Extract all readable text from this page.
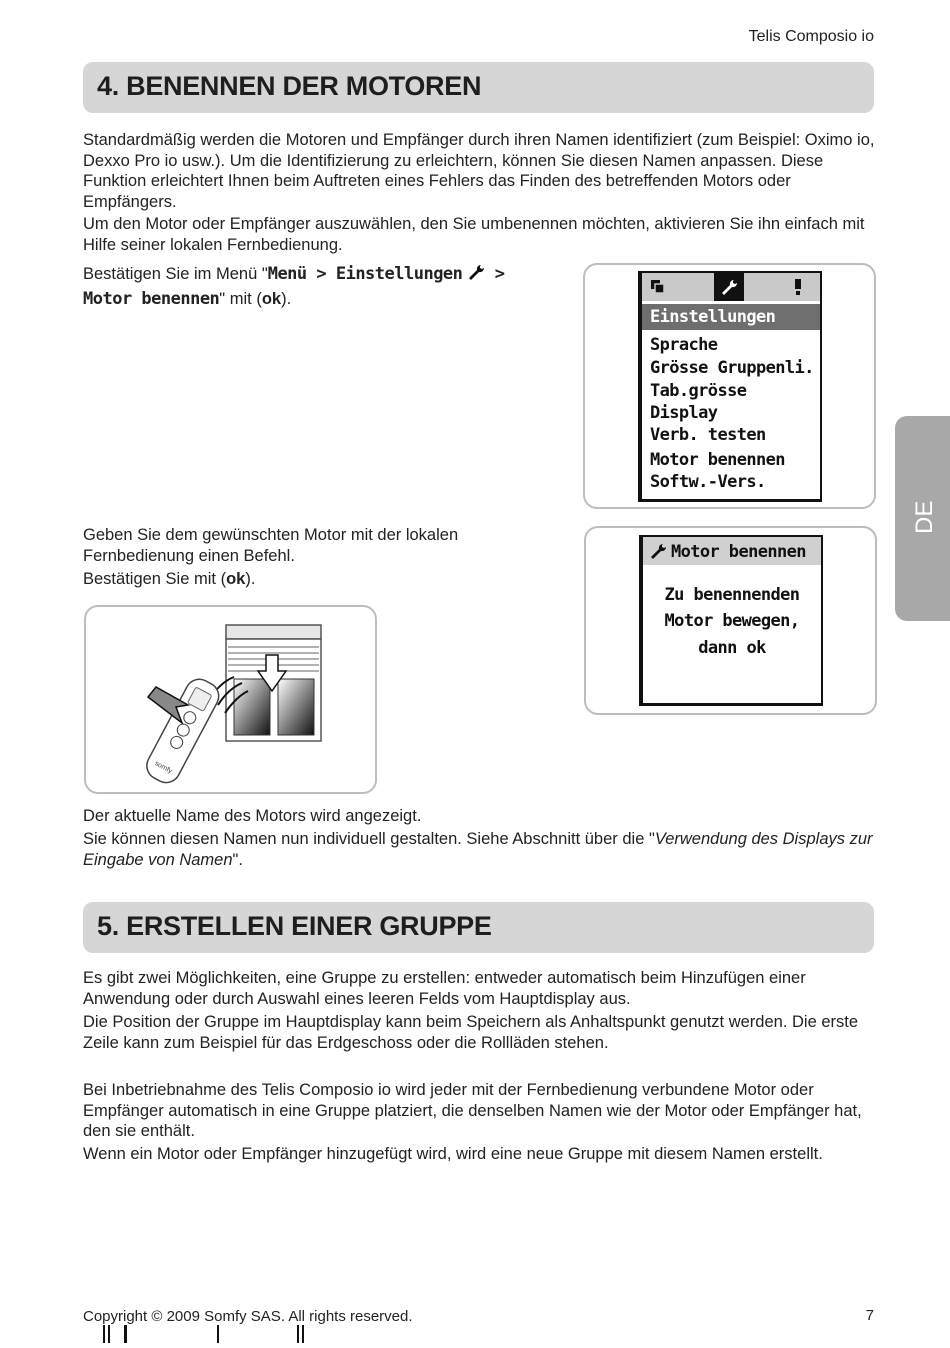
Telis Composio io
4. BENENNEN DER MOTOREN

Standardmäßig werden die Motoren und Empfänger durch ihren Namen identifiziert (zum Beispiel: Oximo io, Dexxo Pro io usw.). Um die Identifizierung zu erleichtern, können Sie diesen Namen anpassen. Diese Funktion erleichtert Ihnen beim Auftreten eines Fehlers das Finden des betreffenden Motors oder Empfängers.

Um den Motor oder Empfänger auszuwählen, den Sie umbenennen möchten, aktivieren Sie ihn einfach mit Hilfe seiner lokalen Fernbedienung.

Bestätigen Sie im Menü "Menü > Einstellungen  >
Motor benennen" mit (ok).

Einstellungen
Sprache
Grösse Gruppenli.
Tab.grösse
Display
Verb. testen
Motor benennen
Softw.-Vers.

Geben Sie dem gewünschten Motor mit der lokalen Fernbedienung einen Befehl.

Bestätigen Sie mit (ok).

Motor benennen
Zu benennenden
Motor bewegen,
dann ok
somfy

Der aktuelle Name des Motors wird angezeigt.

Sie können diesen Namen nun individuell gestalten. Siehe Abschnitt über die "Verwendung des Displays zur Eingabe von Namen".

5. ERSTELLEN EINER GRUPPE

Es gibt zwei Möglichkeiten, eine Gruppe zu erstellen: entweder automatisch beim Hinzufügen einer Anwendung oder durch Auswahl eines leeren Felds vom Hauptdisplay aus.

Die Position der Gruppe im Hauptdisplay kann beim Speichern als Anhaltspunkt genutzt werden. Die erste Zeile kann zum Beispiel für das Erdgeschoss oder die Rollläden stehen.

Bei Inbetriebnahme des Telis Composio io wird jeder mit der Fernbedienung verbundene Motor oder Empfänger automatisch in eine Gruppe platziert, die denselben Namen wie der Motor oder Empfänger hat, den sie enthält.

Wenn ein Motor oder Empfänger hinzugefügt wird, wird eine neue Gruppe mit diesem Namen erstellt.

DE
Copyright © 2009 Somfy SAS. All rights reserved.	7
